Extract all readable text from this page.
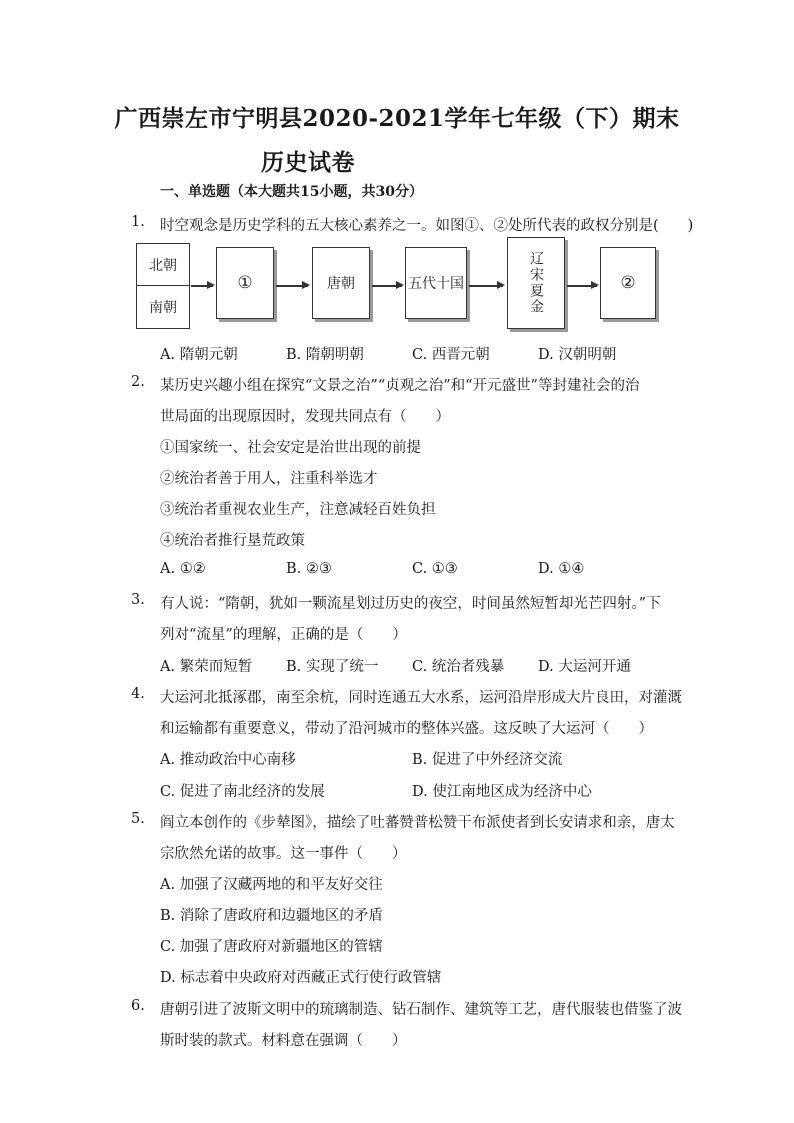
广西崇左市宁明县2020-2021学年七年级（下）期末
历史试卷
一、单选题（本大题共15小题，共30分）
1. 时空观念是历史学科的五大核心素养之一。如图①、②处所代表的政权分别是(　　)
北朝
南朝
①	唐朝	五代十国	辽宋夏金	②
A. 隋朝元朝	B. 隋朝明朝	C. 西晋元朝	D. 汉朝明朝
2. 某历史兴趣小组在探究“文景之治”“贞观之治”和“开元盛世”等封建社会的治
世局面的出现原因时，发现共同点有（　　）
①国家统一、社会安定是治世出现的前提
②统治者善于用人，注重科举选才
③统治者重视农业生产，注意减轻百姓负担
④统治者推行垦荒政策
A. ①②	B. ②③	C. ①③	D. ①④
3. 有人说：“隋朝，犹如一颗流星划过历史的夜空，时间虽然短暂却光芒四射。”下
列对“流星”的理解，正确的是（　　）
A. 繁荣而短暂 B. 实现了统一 C. 统治者残暴 D. 大运河开通
4. 大运河北抵涿郡，南至余杭，同时连通五大水系，运河沿岸形成大片良田，对灌溉
和运输都有重要意义，带动了沿河城市的整体兴盛。这反映了大运河（　　）
A. 推动政治中心南移	B. 促进了中外经济交流
C. 促进了南北经济的发展	D. 使江南地区成为经济中心
5. 阎立本创作的《步辇图》，描绘了吐蕃赞普松赞干布派使者到长安请求和亲，唐太
宗欣然允诺的故事。这一事件（　　）
A. 加强了汉藏两地的和平友好交往
B. 消除了唐政府和边疆地区的矛盾
C. 加强了唐政府对新疆地区的管辖
D. 标志着中央政府对西藏正式行使行政管辖
6. 唐朝引进了波斯文明中的琉璃制造、钻石制作、建筑等工艺，唐代服装也借鉴了波
斯时装的款式。材料意在强调（　　）
